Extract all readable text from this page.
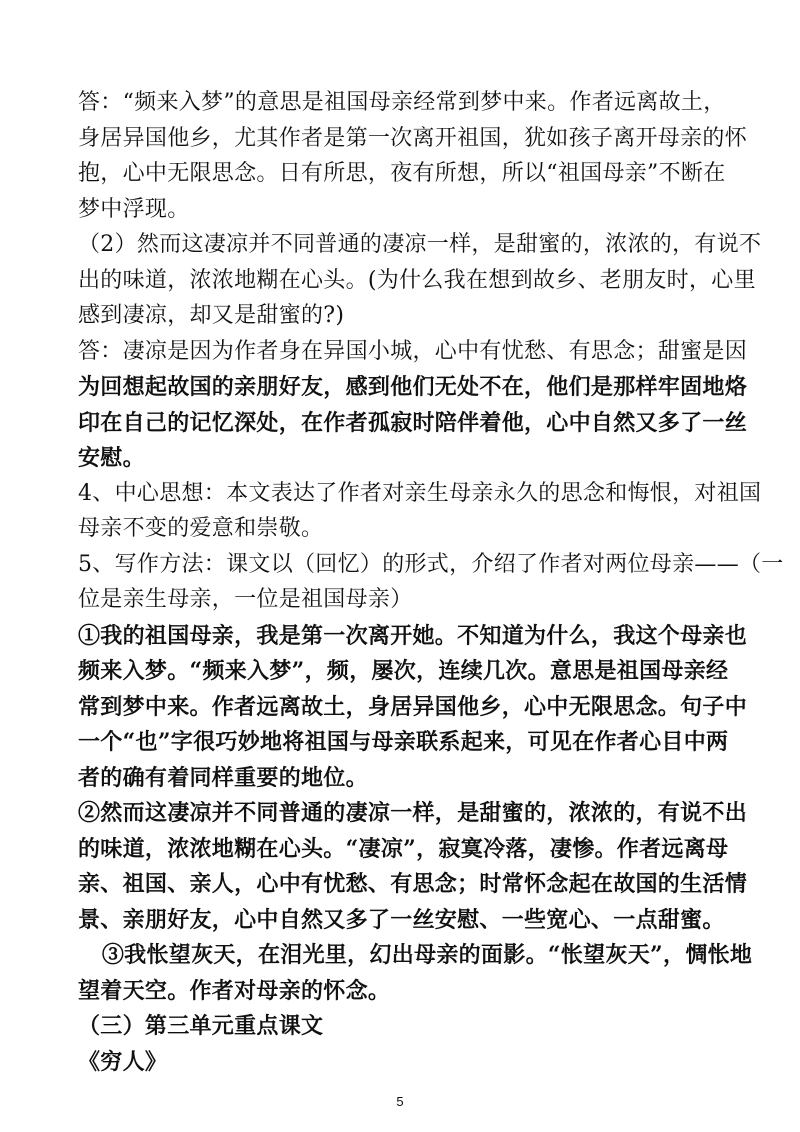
答：“频来入梦”的意思是祖国母亲经常到梦中来。作者远离故土，
身居异国他乡，尤其作者是第一次离开祖国，犹如孩子离开母亲的怀
抱，心中无限思念。日有所思，夜有所想，所以“祖国母亲”不断在
梦中浮现。
（2）然而这凄凉并不同普通的凄凉一样，是甜蜜的，浓浓的，有说不
出的味道，浓浓地糊在心头。(为什么我在想到故乡、老朋友时，心里
感到凄凉，却又是甜蜜的?)
答：凄凉是因为作者身在异国小城，心中有忧愁、有思念；甜蜜是因
为回想起故国的亲朋好友，感到他们无处不在，他们是那样牢固地烙
印在自己的记忆深处，在作者孤寂时陪伴着他，心中自然又多了一丝
安慰。
4、中心思想：本文表达了作者对亲生母亲永久的思念和悔恨，对祖国
母亲不变的爱意和崇敬。
5、写作方法：课文以（回忆）的形式，介绍了作者对两位母亲——（一
位是亲生母亲，一位是祖国母亲）
①我的祖国母亲，我是第一次离开她。不知道为什么，我这个母亲也
频来入梦。“频来入梦”，频，屡次，连续几次。意思是祖国母亲经
常到梦中来。作者远离故土，身居异国他乡，心中无限思念。句子中
一个“也”字很巧妙地将祖国与母亲联系起来，可见在作者心目中两
者的确有着同样重要的地位。
②然而这凄凉并不同普通的凄凉一样，是甜蜜的，浓浓的，有说不出
的味道，浓浓地糊在心头。“凄凉”，寂寞冷落，凄惨。作者远离母
亲、祖国、亲人，心中有忧愁、有思念；时常怀念起在故国的生活情
景、亲朋好友，心中自然又多了一丝安慰、一些宽心、一点甜蜜。
③我怅望灰天，在泪光里，幻出母亲的面影。“怅望灰天”，惆怅地
望着天空。作者对母亲的怀念。
（三）第三单元重点课文
《穷人》
5
